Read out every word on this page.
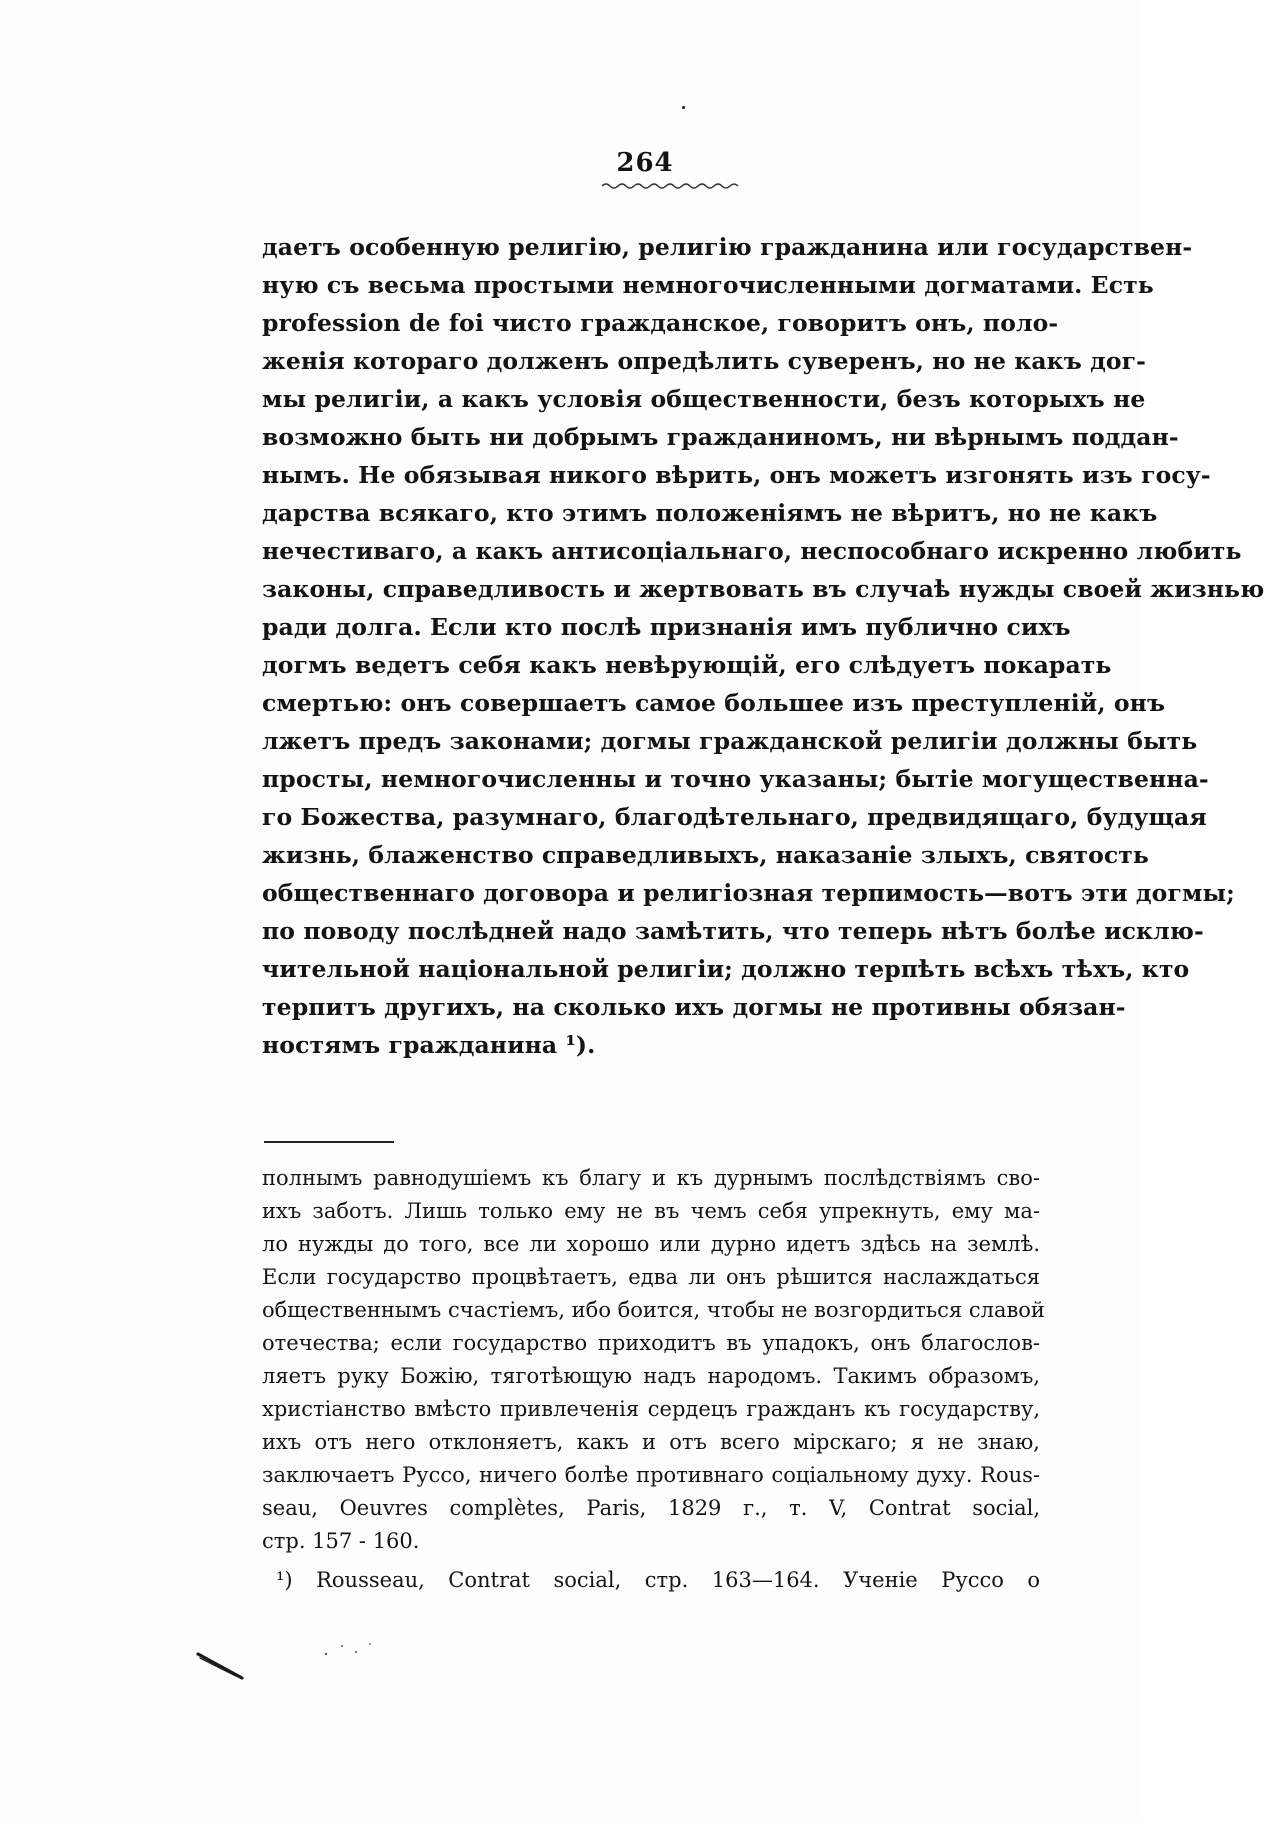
264
даетъ особенную религію, религію гражданина или государствен-
ную съ весьма простыми немногочисленными догматами. Есть
profession de foi чисто гражданское, говоритъ онъ, поло-
женія котораго долженъ опредѣлить суверенъ, но не какъ дог-
мы религіи, а какъ условія общественности, безъ которыхъ не
возможно быть ни добрымъ гражданиномъ, ни вѣрнымъ поддан-
нымъ. Не обязывая никого вѣрить, онъ можетъ изгонять изъ госу-
дарства всякаго, кто этимъ положеніямъ не вѣритъ, но не какъ
нечестиваго, а какъ антисоціальнаго, неспособнаго искренно любить
законы, справедливость и жертвовать въ случаѣ нужды своей жизнью
ради долга. Если кто послѣ признанія имъ публично сихъ
догмъ ведетъ себя какъ невѣрующій, его слѣдуетъ покарать
смертью: онъ совершаетъ самое большее изъ преступленій, онъ
лжетъ предъ законами; догмы гражданской религіи должны быть
просты, немногочисленны и точно указаны; бытіе могущественна-
го Божества, разумнаго, благодѣтельнаго, предвидящаго, будущая
жизнь, блаженство справедливыхъ, наказаніе злыхъ, святость
общественнаго договора и религіозная терпимость—вотъ эти догмы;
по поводу послѣдней надо замѣтить, что теперь нѣтъ болѣе исклю-
чительной національной религіи; должно терпѣть всѣхъ тѣхъ, кто
терпитъ другихъ, на сколько ихъ догмы не противны обязан-
ностямъ гражданина ¹).
полнымъ равнодушіемъ къ благу и къ дурнымъ послѣдствіямъ сво-
ихъ заботъ. Лишь только ему не въ чемъ себя упрекнуть, ему ма-
ло нужды до того, все ли хорошо или дурно идетъ здѣсь на землѣ.
Если государство процвѣтаетъ, едва ли онъ рѣшится наслаждаться
общественнымъ счастіемъ, ибо боится, чтобы не возгордиться славой
отечества; если государство приходитъ въ упадокъ, онъ благослов-
ляетъ руку Божію, тяготѣющую надъ народомъ. Такимъ образомъ,
христіанство вмѣсто привлеченія сердецъ гражданъ къ государству,
ихъ отъ него отклоняетъ, какъ и отъ всего мірскаго; я не знаю,
заключаетъ Руссо, ничего болѣе противнаго соціальному духу. Rous-
seau, Oeuvres complètes, Paris, 1829 г., т. V, Contrat social,
стр. 157 - 160.
¹) Rousseau, Contrat social, стр. 163—164. Ученіе Руссо о
